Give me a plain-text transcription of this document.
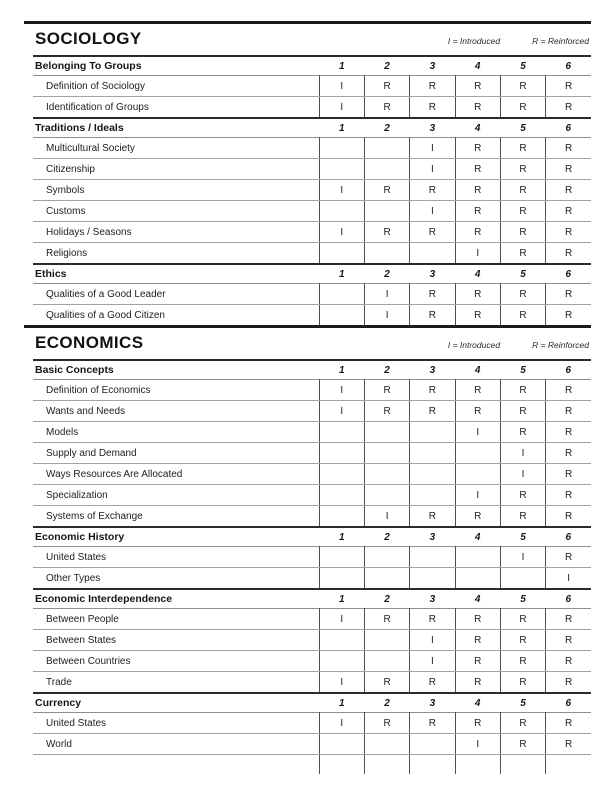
SOCIOLOGY	I = Introduced	R = Reinforced
Belonging To Groups	1	2	3	4	5	6
Definition of Sociology	I	R	R	R	R	R
Identification of Groups	I	R	R	R	R	R
Traditions / Ideals	1	2	3	4	5	6
Multicultural Society			I	R	R	R
Citizenship			I	R	R	R
Symbols	I	R	R	R	R	R
Customs			I	R	R	R
Holidays / Seasons	I	R	R	R	R	R
Religions				I	R	R
Ethics	1	2	3	4	5	6
Qualities of a Good Leader		I	R	R	R	R
Qualities of a Good Citizen		I	R	R	R	R
ECONOMICS	I = Introduced	R = Reinforced
Basic Concepts	1	2	3	4	5	6
Definition of Economics	I	R	R	R	R	R
Wants and Needs	I	R	R	R	R	R
Models				I	R	R
Supply and Demand					I	R
Ways Resources Are Allocated					I	R
Specialization				I	R	R
Systems of Exchange		I	R	R	R	R
Economic History	1	2	3	4	5	6
United States					I	R
Other Types						I
Economic Interdependence	1	2	3	4	5	6
Between People	I	R	R	R	R	R
Between States			I	R	R	R
Between Countries			I	R	R	R
Trade	I	R	R	R	R	R
Currency	1	2	3	4	5	6
United States	I	R	R	R	R	R
World				I	R	R
